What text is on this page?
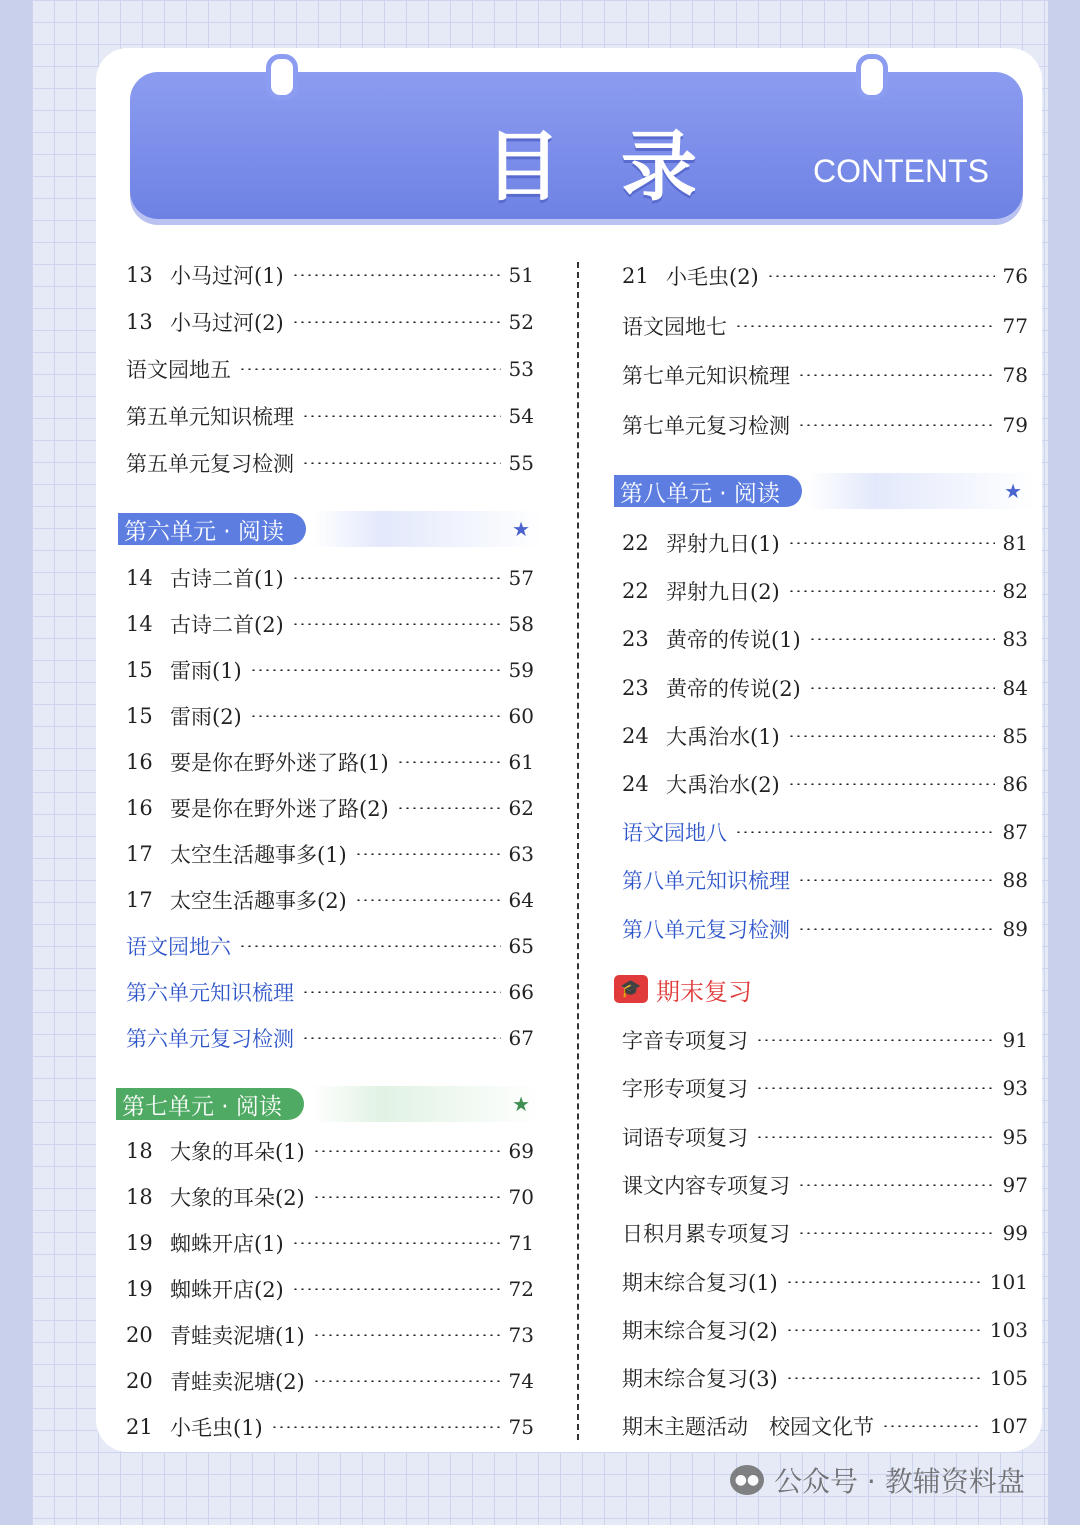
目录 CONTENTS
第六单元 · 阅读	★
第七单元 · 阅读	★
第八单元 · 阅读	★
🎓 期末复习
13 小马过河(1)	51
13 小马过河(2)	52
语文园地五	53
第五单元知识梳理	54
第五单元复习检测	55
14 古诗二首(1)	57
14 古诗二首(2)	58
15 雷雨(1)	59
15 雷雨(2)	60
16 要是你在野外迷了路(1)	61
16 要是你在野外迷了路(2)	62
17 太空生活趣事多(1)	63
17 太空生活趣事多(2)	64
语文园地六	65
第六单元知识梳理	66
第六单元复习检测	67
18 大象的耳朵(1)	69
18 大象的耳朵(2)	70
19 蜘蛛开店(1)	71
19 蜘蛛开店(2)	72
20 青蛙卖泥塘(1)	73
20 青蛙卖泥塘(2)	74
21 小毛虫(1)	75
21 小毛虫(2)	76
语文园地七	77
第七单元知识梳理	78
第七单元复习检测	79
22 羿射九日(1)	81
22 羿射九日(2)	82
23 黄帝的传说(1)	83
23 黄帝的传说(2)	84
24 大禹治水(1)	85
24 大禹治水(2)	86
语文园地八	87
第八单元知识梳理	88
第八单元复习检测	89
字音专项复习	91
字形专项复习	93
词语专项复习	95
课文内容专项复习	97
日积月累专项复习	99
期末综合复习(1)	101
期末综合复习(2)	103
期末综合复习(3)	105
期末主题活动　校园文化节	107
●● 公众号 · 教辅资料盘
